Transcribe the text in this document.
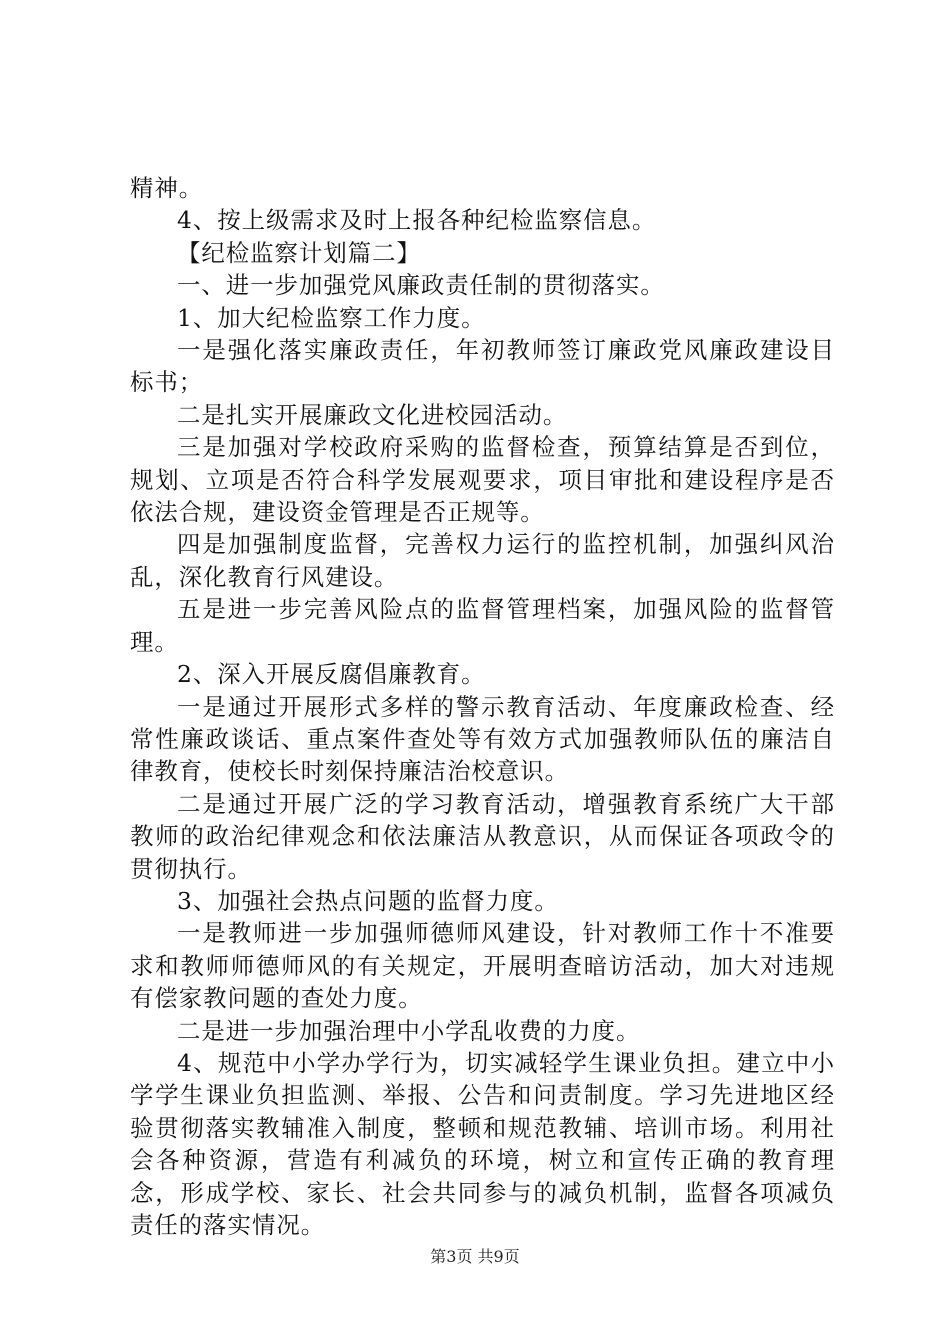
精神。

4、按上级需求及时上报各种纪检监察信息。

【纪检监察计划篇二】

一、进一步加强党风廉政责任制的贯彻落实。

1、加大纪检监察工作力度。

一是强化落实廉政责任，年初教师签订廉政党风廉政建设目标书；

二是扎实开展廉政文化进校园活动。

三是加强对学校政府采购的监督检查，预算结算是否到位，规划、立项是否符合科学发展观要求，项目审批和建设程序是否依法合规，建设资金管理是否正规等。

四是加强制度监督，完善权力运行的监控机制，加强纠风治乱，深化教育行风建设。

五是进一步完善风险点的监督管理档案，加强风险的监督管理。

2、深入开展反腐倡廉教育。

一是通过开展形式多样的警示教育活动、年度廉政检查、经常性廉政谈话、重点案件查处等有效方式加强教师队伍的廉洁自律教育，使校长时刻保持廉洁治校意识。

二是通过开展广泛的学习教育活动，增强教育系统广大干部教师的政治纪律观念和依法廉洁从教意识，从而保证各项政令的贯彻执行。

3、加强社会热点问题的监督力度。

一是教师进一步加强师德师风建设，针对教师工作十不准要求和教师师德师风的有关规定，开展明查暗访活动，加大对违规有偿家教问题的查处力度。

二是进一步加强治理中小学乱收费的力度。

4、规范中小学办学行为，切实减轻学生课业负担。建立中小学学生课业负担监测、举报、公告和问责制度。学习先进地区经验贯彻落实教辅准入制度，整顿和规范教辅、培训市场。利用社会各种资源，营造有利减负的环境，树立和宣传正确的教育理念，形成学校、家长、社会共同参与的减负机制，监督各项减负责任的落实情况。

第3页 共9页
